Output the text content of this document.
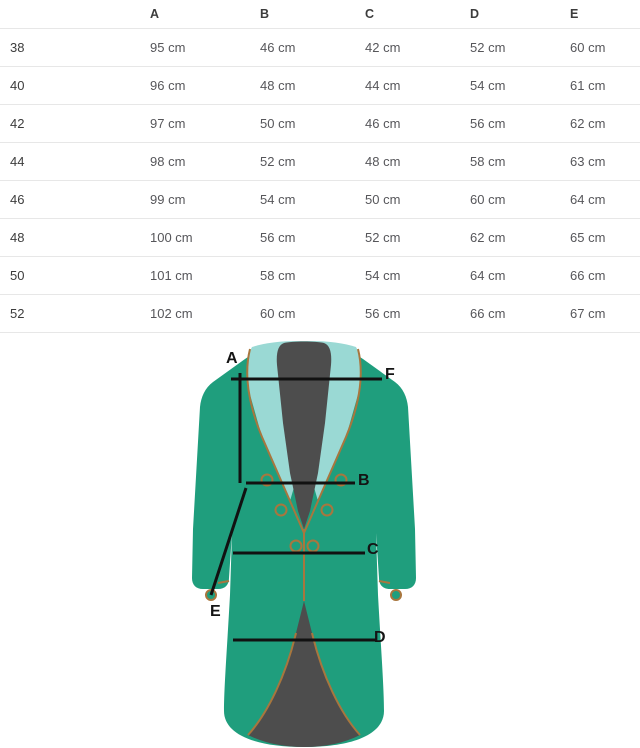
	A	B	C	D	E
38	95 cm	46 cm	42 cm	52 cm	60 cm
40	96 cm	48 cm	44 cm	54 cm	61 cm
42	97 cm	50 cm	46 cm	56 cm	62 cm
44	98 cm	52 cm	48 cm	58 cm	63 cm
46	99 cm	54 cm	50 cm	60 cm	64 cm
48	100 cm	56 cm	52 cm	62 cm	65 cm
50	101 cm	58 cm	54 cm	64 cm	66 cm
52	102 cm	60 cm	56 cm	66 cm	67 cm
A
F
B
C
D
E
